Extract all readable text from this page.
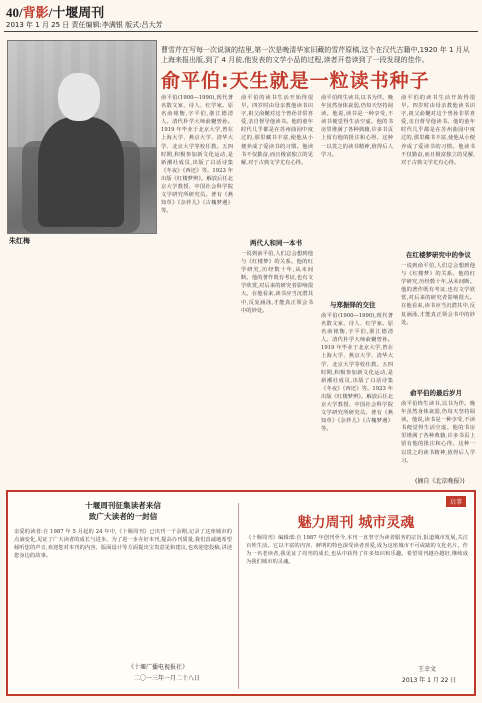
40/背影/十堰周刊
2013 年 1 月 25 日 责任编辑:李满银 版式:吕大芳
朱红梅
曹雪芹在写每一次说演的结里,第一次是晚清华家旧藏的雪芹原稿,这个在汉代古籍中,1920 年 1 月从上海来报出版,到了 4 月前,他发表的文学小品的过程,读者开卷读到了一段发现的佳作。
俞平伯:天生就是一粒读书种子
俞平伯(1900—1990),现代著名散文家、诗人、红学家。原名俞铭衡,字平伯,浙江德清人。清代朴学大师俞樾曾孙。1919 年毕业于北京大学,曾在上海大学、燕京大学、清华大学、北京大学等校任教。五四时期,积极参加新文化运动,是新潮社成员,出版了白话诗集《冬夜》《西还》等。1923 年出版《红楼梦辨》。解放后任北京大学教授、中国社会科学院文学研究所研究员。著有《燕知草》《杂拌儿》《古槐梦遇》等。
俞平伯的读书生活开始得很早。四岁时由母亲教他读书识字,祖父俞樾对这个曾孙非常喜爱,亲自督导他读书。他的童年时代几乎都是在苏州曲园中度过的,那里藏书丰富,使他从小便养成了爱读书的习惯。他读书不仅勤奋,而且极富独立的见解,对于古典文学尤有心得。
两代人和同一本书
一说到俞平伯,人们总会想到他与《红楼梦》的关系。他的红学研究,历经数十年,从未间断。他的著作既有考证,也有文学欣赏,对后来的研究者影响很大。在他看来,读书应当沉潜其中,反复涵泳,才能真正领会书中的妙处。
俞平伯终生读书,以书为伴。晚年虽然身体衰弱,仍每天坚持阅读。他说,读书是一种享受,不读书便觉得生活空虚。他的书房里堆满了各种典籍,许多书页上留有他的批注和心得。这种一以贯之的读书精神,值得后人学习。
与郑振铎的交往
俞平伯(1900—1990),现代著名散文家、诗人、红学家。原名俞铭衡,字平伯,浙江德清人。清代朴学大师俞樾曾孙。1919 年毕业于北京大学,曾在上海大学、燕京大学、清华大学、北京大学等校任教。五四时期,积极参加新文化运动,是新潮社成员,出版了白话诗集《冬夜》《西还》等。1923 年出版《红楼梦辨》。解放后任北京大学教授、中国社会科学院文学研究所研究员。著有《燕知草》《杂拌儿》《古槐梦遇》等。
俞平伯的读书生活开始得很早。四岁时由母亲教他读书识字,祖父俞樾对这个曾孙非常喜爱,亲自督导他读书。他的童年时代几乎都是在苏州曲园中度过的,那里藏书丰富,使他从小便养成了爱读书的习惯。他读书不仅勤奋,而且极富独立的见解,对于古典文学尤有心得。
在红楼梦研究中的争议
一说到俞平伯,人们总会想到他与《红楼梦》的关系。他的红学研究,历经数十年,从未间断。他的著作既有考证,也有文学欣赏,对后来的研究者影响很大。在他看来,读书应当沉潜其中,反复涵泳,才能真正领会书中的妙处。
俞平伯的最后岁月
俞平伯终生读书,以书为伴。晚年虽然身体衰弱,仍每天坚持阅读。他说,读书是一种享受,不读书便觉得生活空虚。他的书房里堆满了各种典籍,许多书页上留有他的批注和心得。这种一以贯之的读书精神,值得后人学习。
(摘自《北京晚报》)
十堰周刊征集读者来信
致广大读者的一封信
亲爱的读者:自 1987 年 5 月起的 24 年中,《十堰周刊》已出刊一千余期,记录了这座城市的点滴变化,见证了广大读者的成长与进步。为了进一步办好本刊,提高办刊质量,我们真诚地希望倾听您的声音,欢迎您对本刊的内容、版面设计等方面提出宝贵意见和建议,也欢迎您投稿,讲述您身边的故事。
《十堰广播电视报社》
二〇一三年一月二十八日
启事
魅力周刊 城市灵魂
《十堰周刊》编辑部:自 1987 年创刊至今,本刊一直坚守为读者服务的宗旨,报道城市发展,关注百姓生活。它以丰富的内容、鲜明的特色深受读者喜爱,成为这座城市不可或缺的文化名片。作为一名老读者,我见证了周刊的成长,也从中获得了许多知识和乐趣。希望周刊越办越好,继续成为我们城市的灵魂。
王幸文
2013 年 1 月 22 日
